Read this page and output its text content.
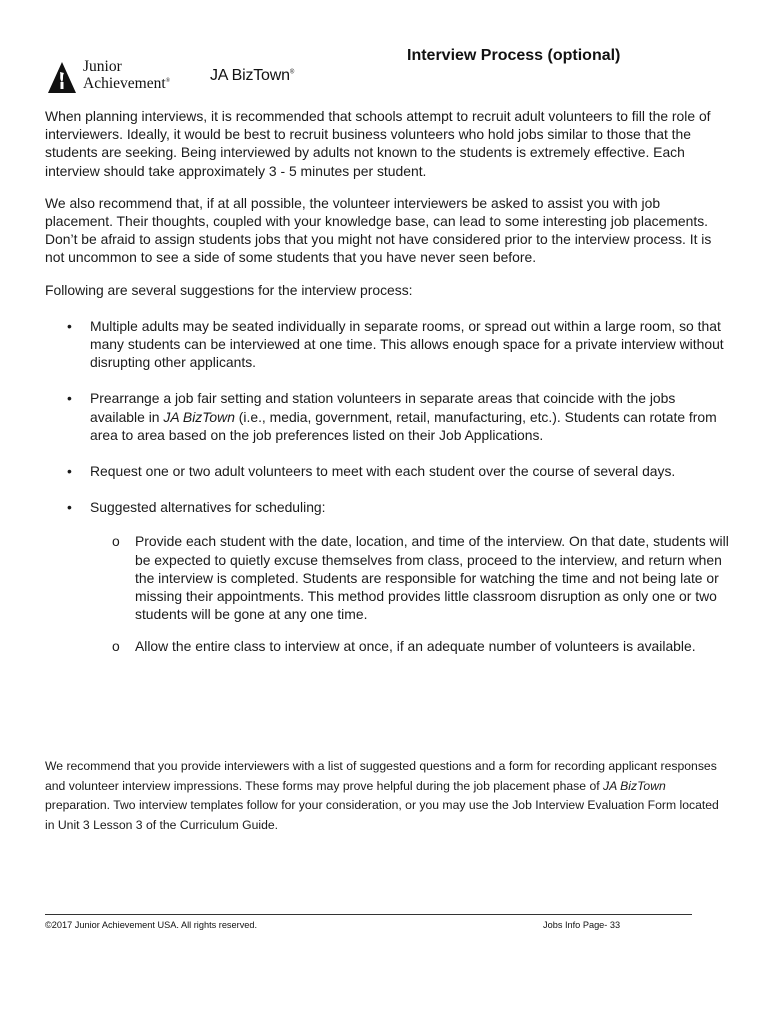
Junior
Achievement® JA BizTown®
Interview Process (optional)

When planning interviews, it is recommended that schools attempt to recruit adult volunteers to fill the role of interviewers. Ideally, it would be best to recruit business volunteers who hold jobs similar to those that the students are seeking. Being interviewed by adults not known to the students is extremely effective. Each interview should take approximately 3 - 5 minutes per student.

We also recommend that, if at all possible, the volunteer interviewers be asked to assist you with job placement. Their thoughts, coupled with your knowledge base, can lead to some interesting job placements. Don’t be afraid to assign students jobs that you might not have considered prior to the interview process. It is not uncommon to see a side of some students that you have never seen before.

Following are several suggestions for the interview process:

• Multiple adults may be seated individually in separate rooms, or spread out within a large room, so that many students can be interviewed at one time. This allows enough space for a private interview without disrupting other applicants.
• Prearrange a job fair setting and station volunteers in separate areas that coincide with the jobs available in JA BizTown (i.e., media, government, retail, manufacturing, etc.). Students can rotate from area to area based on the job preferences listed on their Job Applications.
• Request one or two adult volunteers to meet with each student over the course of several days.
• Suggested alternatives for scheduling:
o Provide each student with the date, location, and time of the interview. On that date, students will be expected to quietly excuse themselves from class, proceed to the interview, and return when the interview is completed. Students are responsible for watching the time and not being late or missing their appointments. This method provides little classroom disruption as only one or two students will be gone at any one time.
o Allow the entire class to interview at once, if an adequate number of volunteers is available.
We recommend that you provide interviewers with a list of suggested questions and a form for recording applicant responses and volunteer interview impressions. These forms may prove helpful during the job placement phase of JA BizTown preparation. Two interview templates follow for your consideration, or you may use the Job Interview Evaluation Form located in Unit 3 Lesson 3 of the Curriculum Guide.
©2017 Junior Achievement USA. All rights reserved.	Jobs Info Page- 33
